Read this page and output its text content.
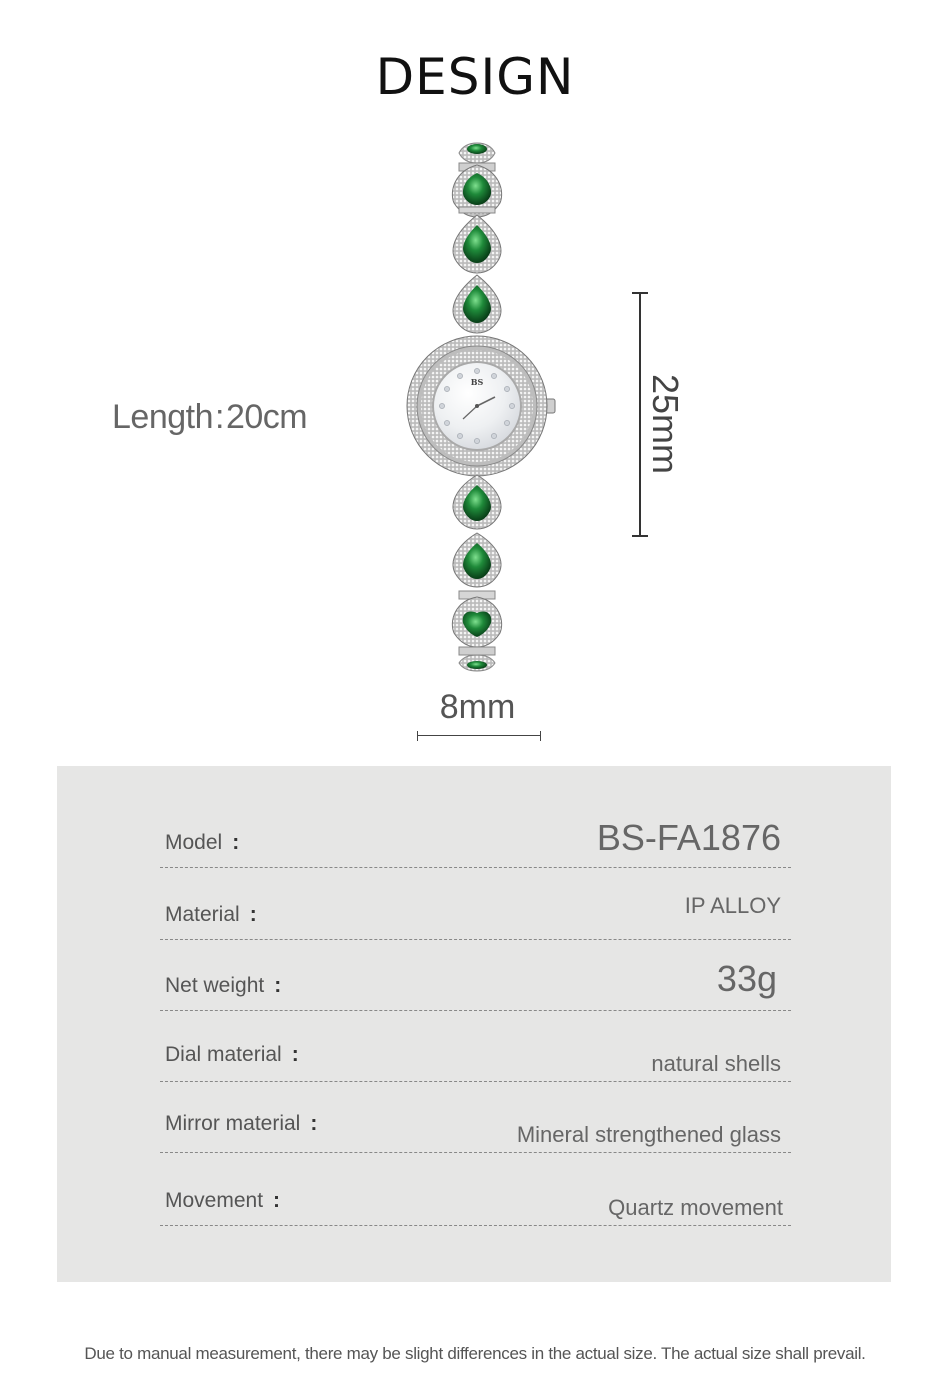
DESIGN
Length:20cm
BS	25mm
8mm
Model :	BS-FA1876
Material :	IP ALLOY
Net weight :	33g
Dial material :	natural shells
Mirror material :	Mineral strengthened glass
Movement :	Quartz movement
Due to manual measurement, there may be slight differences in the actual size. The actual size shall prevail.
